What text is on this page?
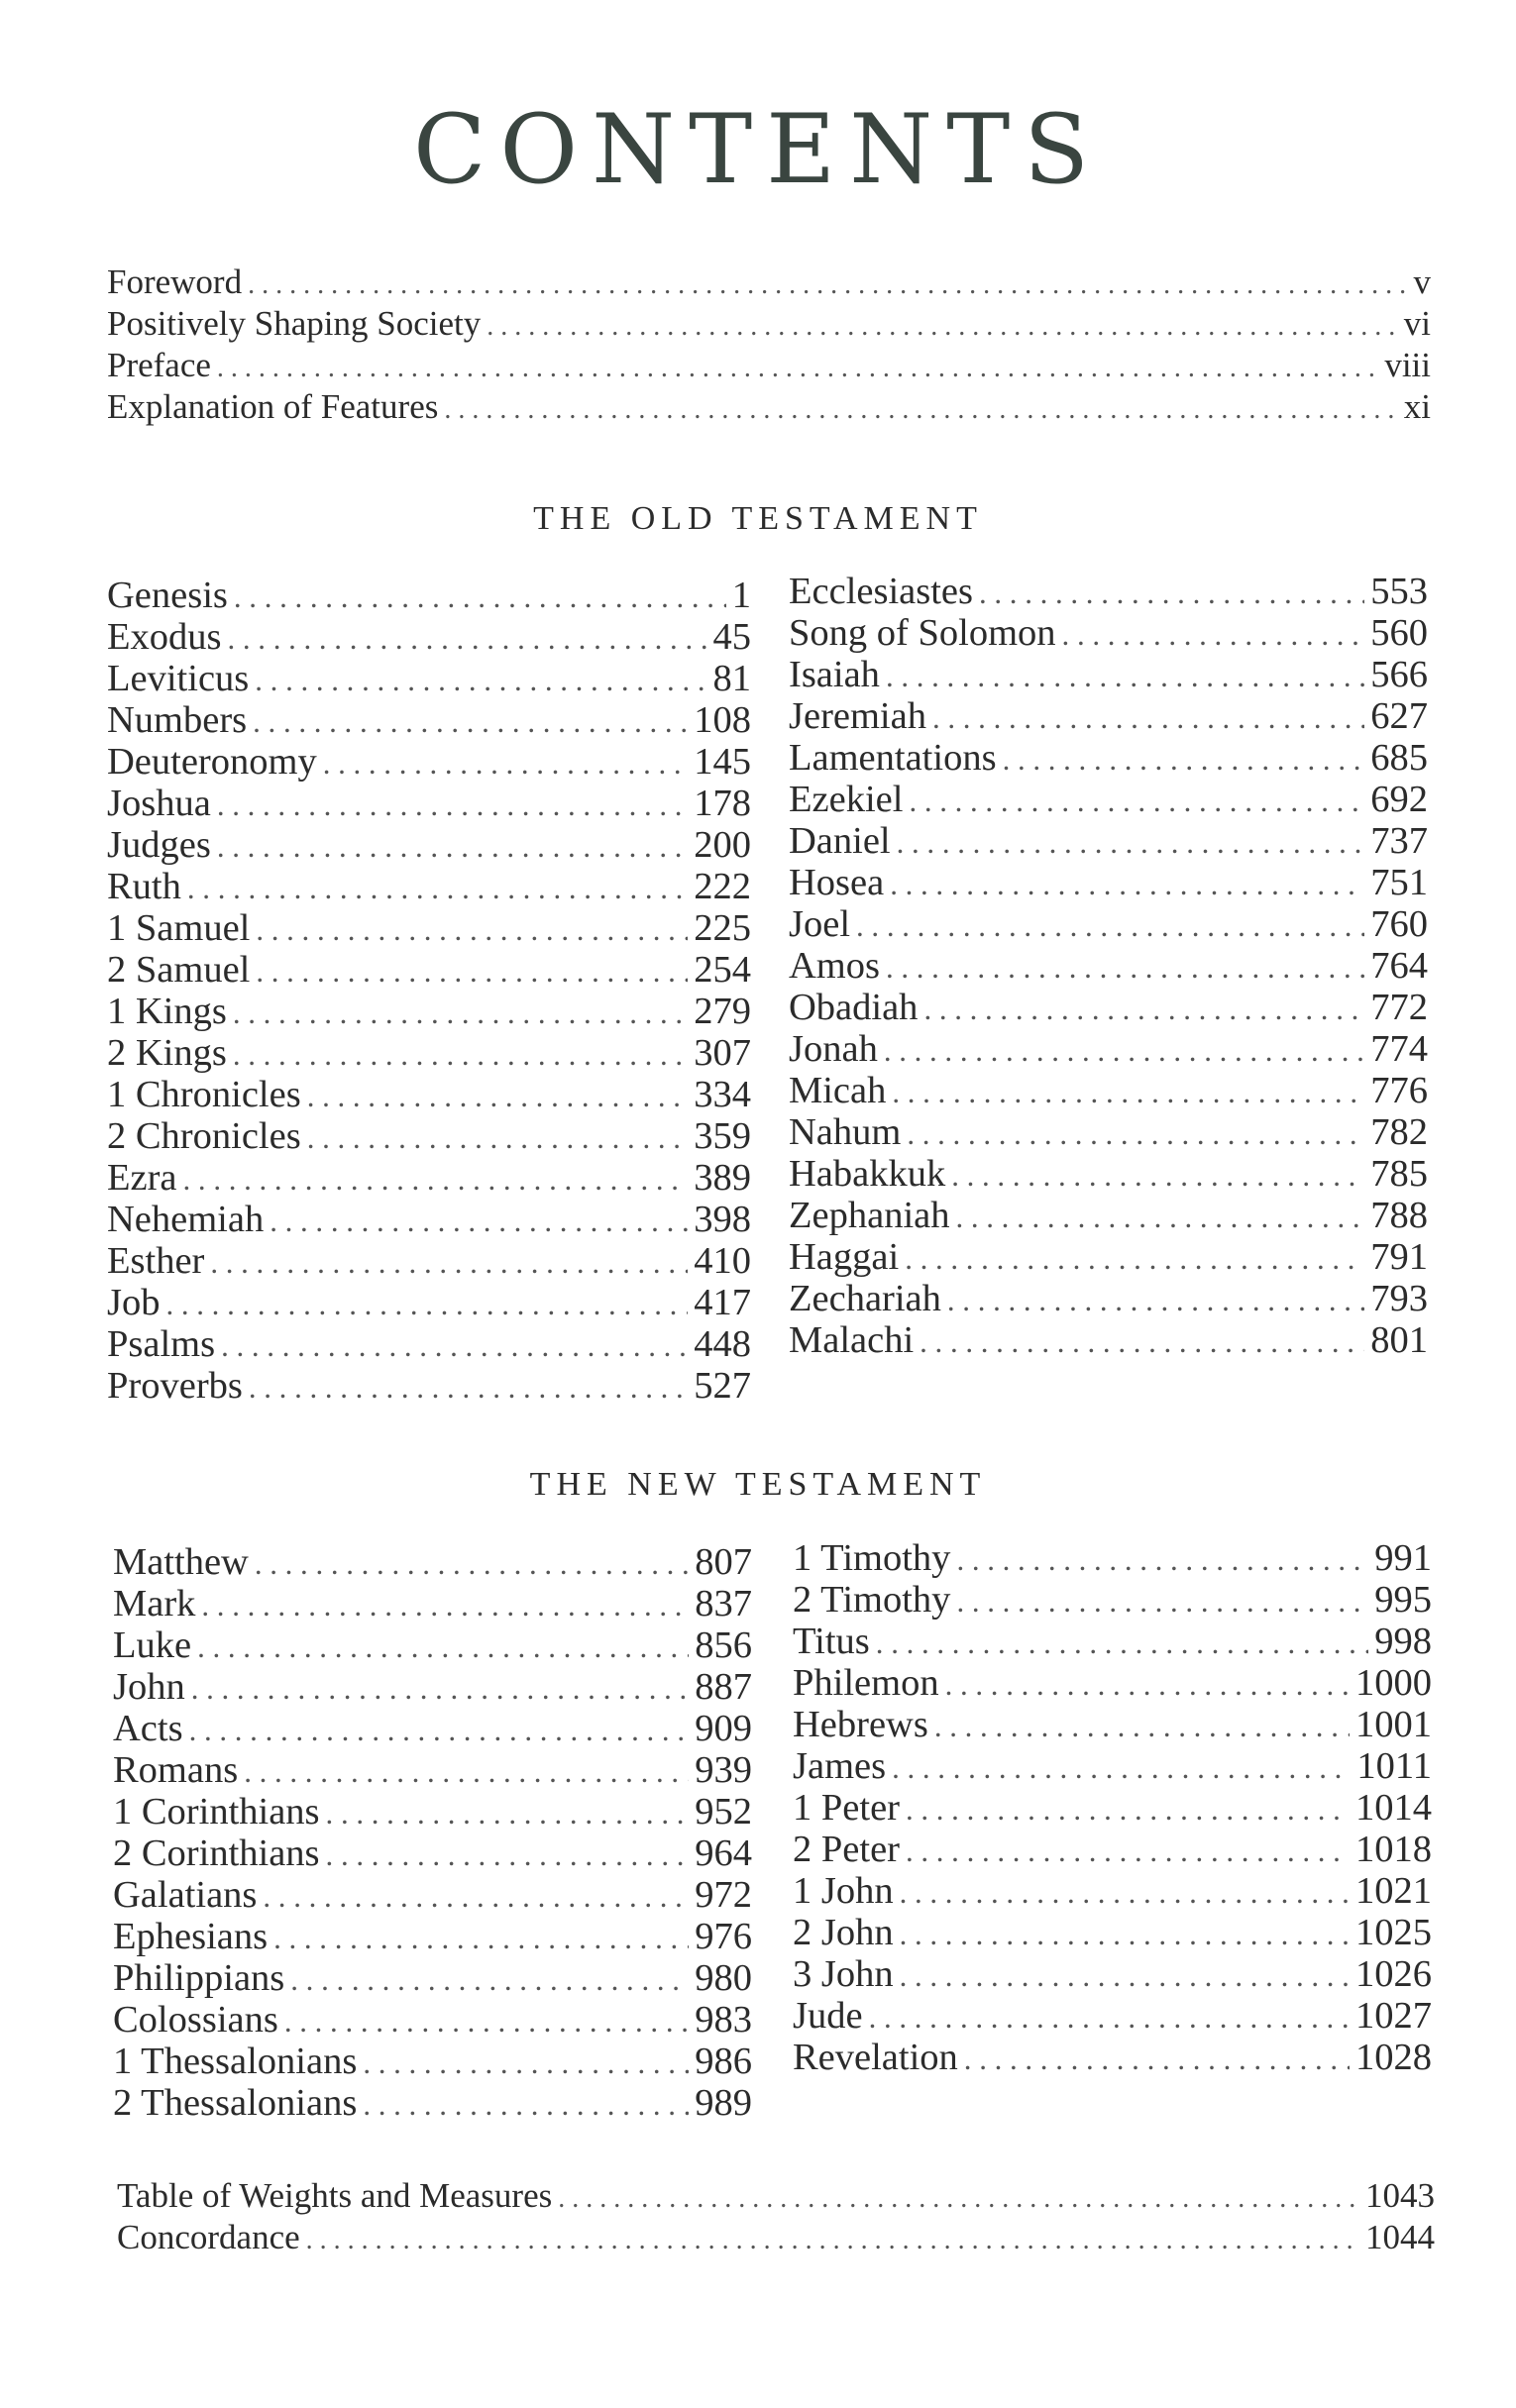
CONTENTS
Foreword . . .	v
Positively Shaping Society . . .	vi
Preface . . .	viii
Explanation of Features . . .	xi
THE OLD TESTAMENT
Genesis . . .	1
Exodus . . .	45
Leviticus . . .	81
Numbers . . .	108
Deuteronomy . . .	145
Joshua . . .	178
Judges . . .	200
Ruth . . .	222
1 Samuel . . .	225
2 Samuel . . .	254
1 Kings . . .	279
2 Kings . . .	307
1 Chronicles . . .	334
2 Chronicles . . .	359
Ezra . . .	389
Nehemiah . . .	398
Esther . . .	410
Job . . .	417
Psalms . . .	448
Proverbs . . .	527
Ecclesiastes . . .	553
Song of Solomon . . .	560
Isaiah . . .	566
Jeremiah . . .	627
Lamentations . . .	685
Ezekiel . . .	692
Daniel . . .	737
Hosea . . .	751
Joel . . .	760
Amos . . .	764
Obadiah . . .	772
Jonah . . .	774
Micah . . .	776
Nahum . . .	782
Habakkuk . . .	785
Zephaniah . . .	788
Haggai . . .	791
Zechariah . . .	793
Malachi . . .	801
THE NEW TESTAMENT
Matthew . . .	807
Mark . . .	837
Luke . . .	856
John . . .	887
Acts . . .	909
Romans . . .	939
1 Corinthians . . .	952
2 Corinthians . . .	964
Galatians . . .	972
Ephesians . . .	976
Philippians . . .	980
Colossians . . .	983
1 Thessalonians . . .	986
2 Thessalonians . . .	989
1 Timothy . . .	991
2 Timothy . . .	995
Titus . . .	998
Philemon . . .	1000
Hebrews . . .	1001
James . . .	1011
1 Peter . . .	1014
2 Peter . . .	1018
1 John . . .	1021
2 John . . .	1025
3 John . . .	1026
Jude . . .	1027
Revelation . . .	1028
Table of Weights and Measures . . .	1043
Concordance . . .	1044
